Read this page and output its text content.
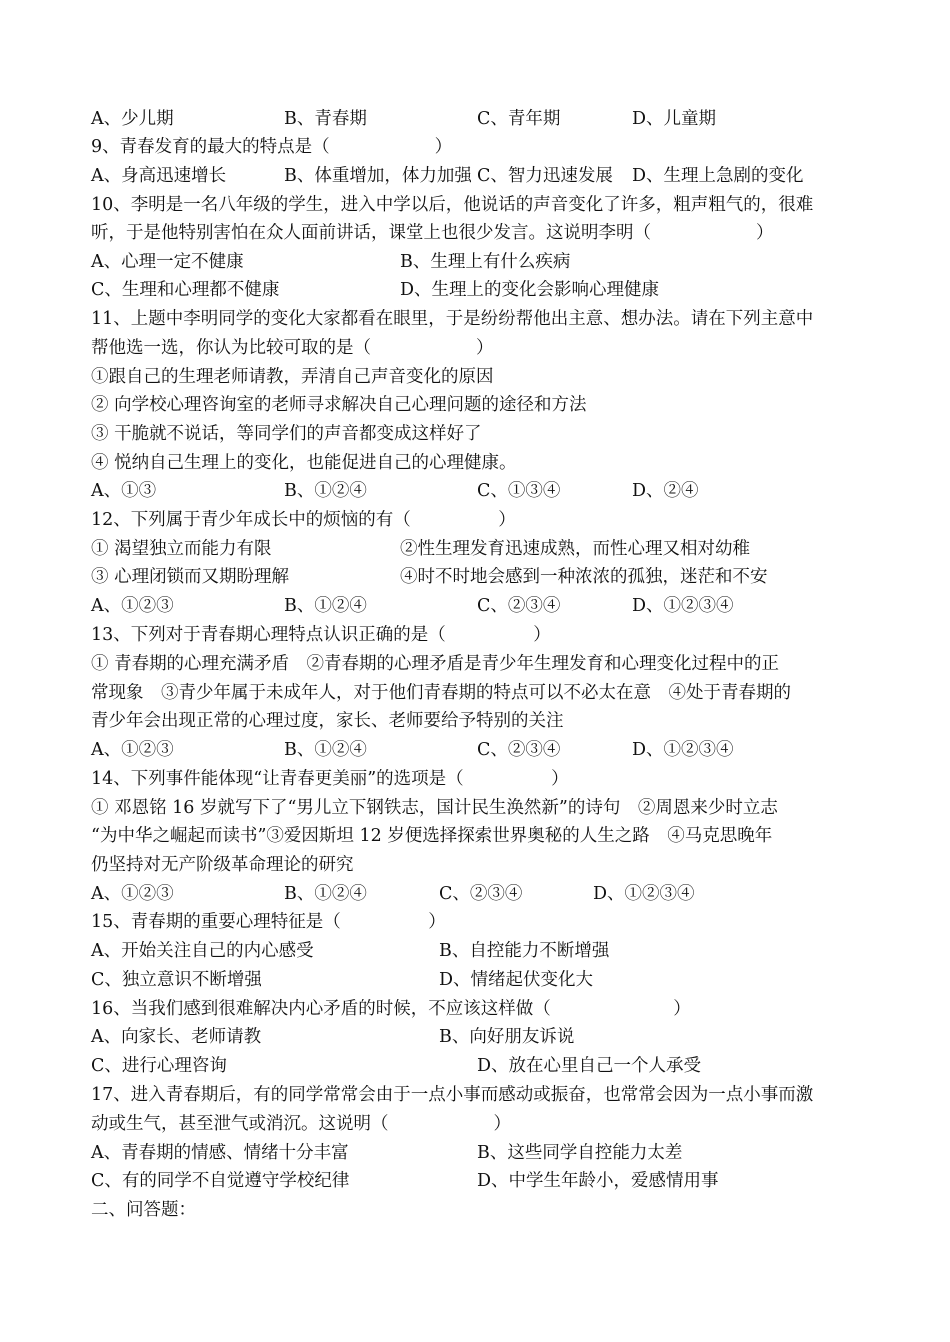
A、少儿期	B、青春期	C、青年期	D、儿童期
9、青春发育的最大的特点是（　　　　　　）
A、身高迅速增长	B、体重增加，体力加强 C、智力迅速发展 D、生理上急剧的变化
10、李明是一名八年级的学生，进入中学以后，他说话的声音变化了许多，粗声粗气的，很难
听，于是他特别害怕在众人面前讲话，课堂上也很少发言。这说明李明（　　　　　　）
A、心理一定不健康	B、生理上有什么疾病
C、生理和心理都不健康	D、生理上的变化会影响心理健康
11、上题中李明同学的变化大家都看在眼里，于是纷纷帮他出主意、想办法。请在下列主意中
帮他选一选，你认为比较可取的是（　　　　　　）
①跟自己的生理老师请教，弄清自己声音变化的原因
② 向学校心理咨询室的老师寻求解决自己心理问题的途径和方法
③ 干脆就不说话，等同学们的声音都变成这样好了
④ 悦纳自己生理上的变化，也能促进自己的心理健康。
A、①③	B、①②④	C、①③④	D、②④
12、下列属于青少年成长中的烦恼的有（　　　　　）
① 渴望独立而能力有限	②性生理发育迅速成熟，而性心理又相对幼稚
③ 心理闭锁而又期盼理解	④时不时地会感到一种浓浓的孤独，迷茫和不安
A、①②③	B、①②④	C、②③④	D、①②③④
13、下列对于青春期心理特点认识正确的是（　　　　　）
① 青春期的心理充满矛盾　②青春期的心理矛盾是青少年生理发育和心理变化过程中的正
常现象　③青少年属于未成年人，对于他们青春期的特点可以不必太在意　④处于青春期的
青少年会出现正常的心理过度，家长、老师要给予特别的关注
A、①②③	B、①②④	C、②③④	D、①②③④
14、下列事件能体现“让青春更美丽”的选项是（　　　　　）
① 邓恩铭 16 岁就写下了“男儿立下钢铁志，国计民生涣然新”的诗句　②周恩来少时立志
“为中华之崛起而读书”③爱因斯坦 12 岁便选择探索世界奥秘的人生之路　④马克思晚年
仍坚持对无产阶级革命理论的研究
A、①②③	B、①②④	C、②③④	D、①②③④
15、青春期的重要心理特征是（　　　　　）
A、开始关注自己的内心感受	B、自控能力不断增强
C、独立意识不断增强	D、情绪起伏变化大
16、当我们感到很难解决内心矛盾的时候，不应该这样做（　　　　　　　）
A、向家长、老师请教	B、向好朋友诉说
C、进行心理咨询	D、放在心里自己一个人承受
17、进入青春期后，有的同学常常会由于一点小事而感动或振奋，也常常会因为一点小事而激
动或生气，甚至泄气或消沉。这说明（　　　　　　）
A、青春期的情感、情绪十分丰富	B、这些同学自控能力太差
C、有的同学不自觉遵守学校纪律	D、中学生年龄小，爱感情用事
二、问答题：
